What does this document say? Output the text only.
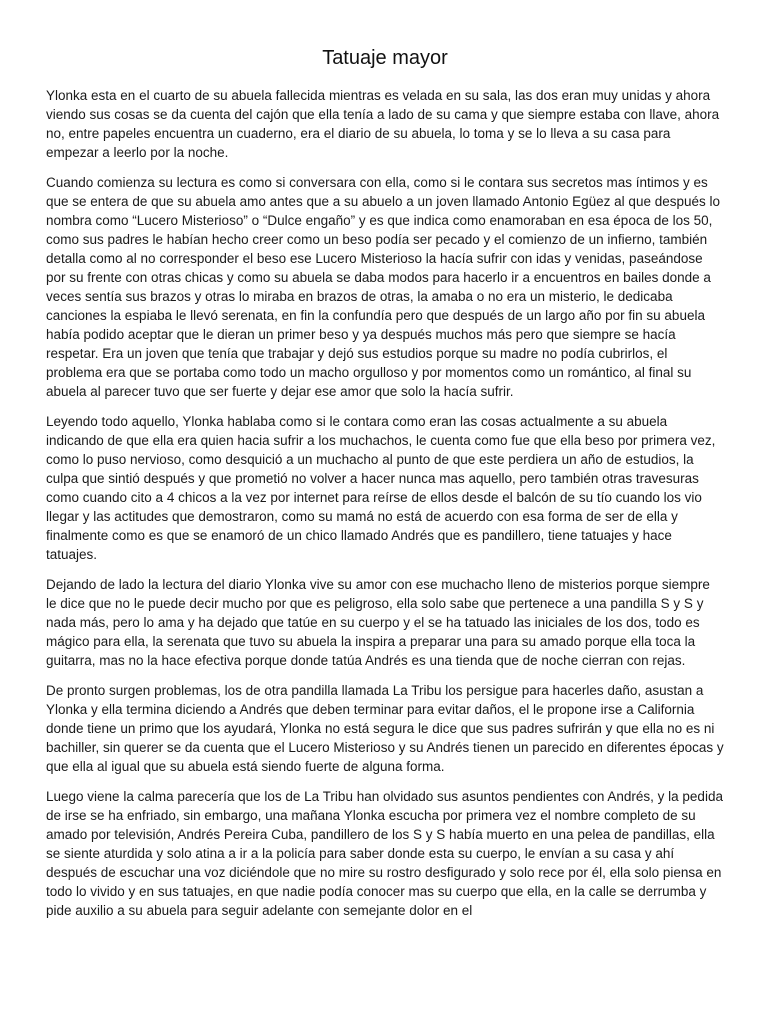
Tatuaje mayor

Ylonka esta en el cuarto de su abuela fallecida mientras es velada en su sala, las dos eran muy unidas y ahora viendo sus cosas se da cuenta del cajón que ella tenía a lado de su cama y que siempre estaba con llave, ahora no, entre papeles encuentra un cuaderno, era el diario de su abuela, lo toma y se lo lleva a su casa para empezar a leerlo por la noche.

Cuando comienza su lectura es como si conversara con ella, como si le contara sus secretos mas íntimos y es que se entera de que su abuela amo antes que a su abuelo a un joven llamado Antonio Egüez al que después lo nombra como “Lucero Misterioso” o “Dulce engaño” y es que indica como enamoraban en esa época de los 50, como sus padres le habían hecho creer como un beso podía ser pecado y el comienzo de un infierno, también detalla como al no corresponder el beso ese Lucero Misterioso la hacía sufrir con idas y venidas, paseándose por su frente con otras chicas y como su abuela se daba modos para hacerlo ir a encuentros en bailes donde a veces sentía sus brazos y otras lo miraba en brazos de otras, la amaba o no era un misterio, le dedicaba canciones la espiaba le llevó serenata, en fin la confundía pero que después de un largo año por fin su abuela había podido aceptar que le dieran un primer beso y ya después muchos más pero que siempre se hacía respetar. Era un joven que tenía que trabajar y dejó sus estudios porque su madre no podía cubrirlos, el problema era que se portaba como todo un macho orgulloso y por momentos como un romántico, al final su abuela al parecer tuvo que ser fuerte y dejar ese amor que solo la hacía sufrir.

Leyendo todo aquello, Ylonka hablaba como si le contara como eran las cosas actualmente a su abuela indicando de que ella era quien hacia sufrir a los muchachos, le cuenta como fue que ella beso por primera vez, como lo puso nervioso, como desquició a un muchacho al punto de que este perdiera un año de estudios, la culpa que sintió después y que prometió no volver a hacer nunca mas aquello, pero también otras travesuras como cuando cito a 4 chicos a la vez por internet para reírse de ellos desde el balcón de su tío cuando los vio llegar y las actitudes que demostraron, como su mamá no está de acuerdo con esa forma de ser de ella y finalmente como es que se enamoró de un chico llamado Andrés que es pandillero, tiene tatuajes y hace tatuajes.

Dejando de lado la lectura del diario Ylonka vive su amor con ese muchacho lleno de misterios porque siempre le dice que no le puede decir mucho por que es peligroso, ella solo sabe que pertenece a una pandilla S y S y nada más, pero lo ama y ha dejado que tatúe en su cuerpo y el se ha tatuado las iniciales de los dos, todo es mágico para ella, la serenata que tuvo su abuela la inspira a preparar una para su amado porque ella toca la guitarra, mas no la hace efectiva porque donde tatúa Andrés es una tienda que de noche cierran con rejas.

De pronto surgen problemas, los de otra pandilla llamada La Tribu los persigue para hacerles daño, asustan a Ylonka y ella termina diciendo a Andrés que deben terminar para evitar daños, el le propone irse a California donde tiene un primo que los ayudará, Ylonka no está segura le dice que sus padres sufrirán y que ella no es ni bachiller, sin querer se da cuenta que el Lucero Misterioso y su Andrés tienen un parecido en diferentes épocas y que ella al igual que su abuela está siendo fuerte de alguna forma.

Luego viene la calma parecería que los de La Tribu han olvidado sus asuntos pendientes con Andrés, y la pedida de irse se ha enfriado, sin embargo, una mañana Ylonka escucha por primera vez el nombre completo de su amado por televisión, Andrés Pereira Cuba, pandillero de los S y S había muerto en una pelea de pandillas, ella se siente aturdida y solo atina a ir a la policía para saber donde esta su cuerpo, le envían a su casa y ahí después de escuchar una voz diciéndole que no mire su rostro desfigurado y solo rece por él, ella solo piensa en todo lo vivido y en sus tatuajes, en que nadie podía conocer mas su cuerpo que ella, en la calle se derrumba y pide auxilio a su abuela para seguir adelante con semejante dolor en el
